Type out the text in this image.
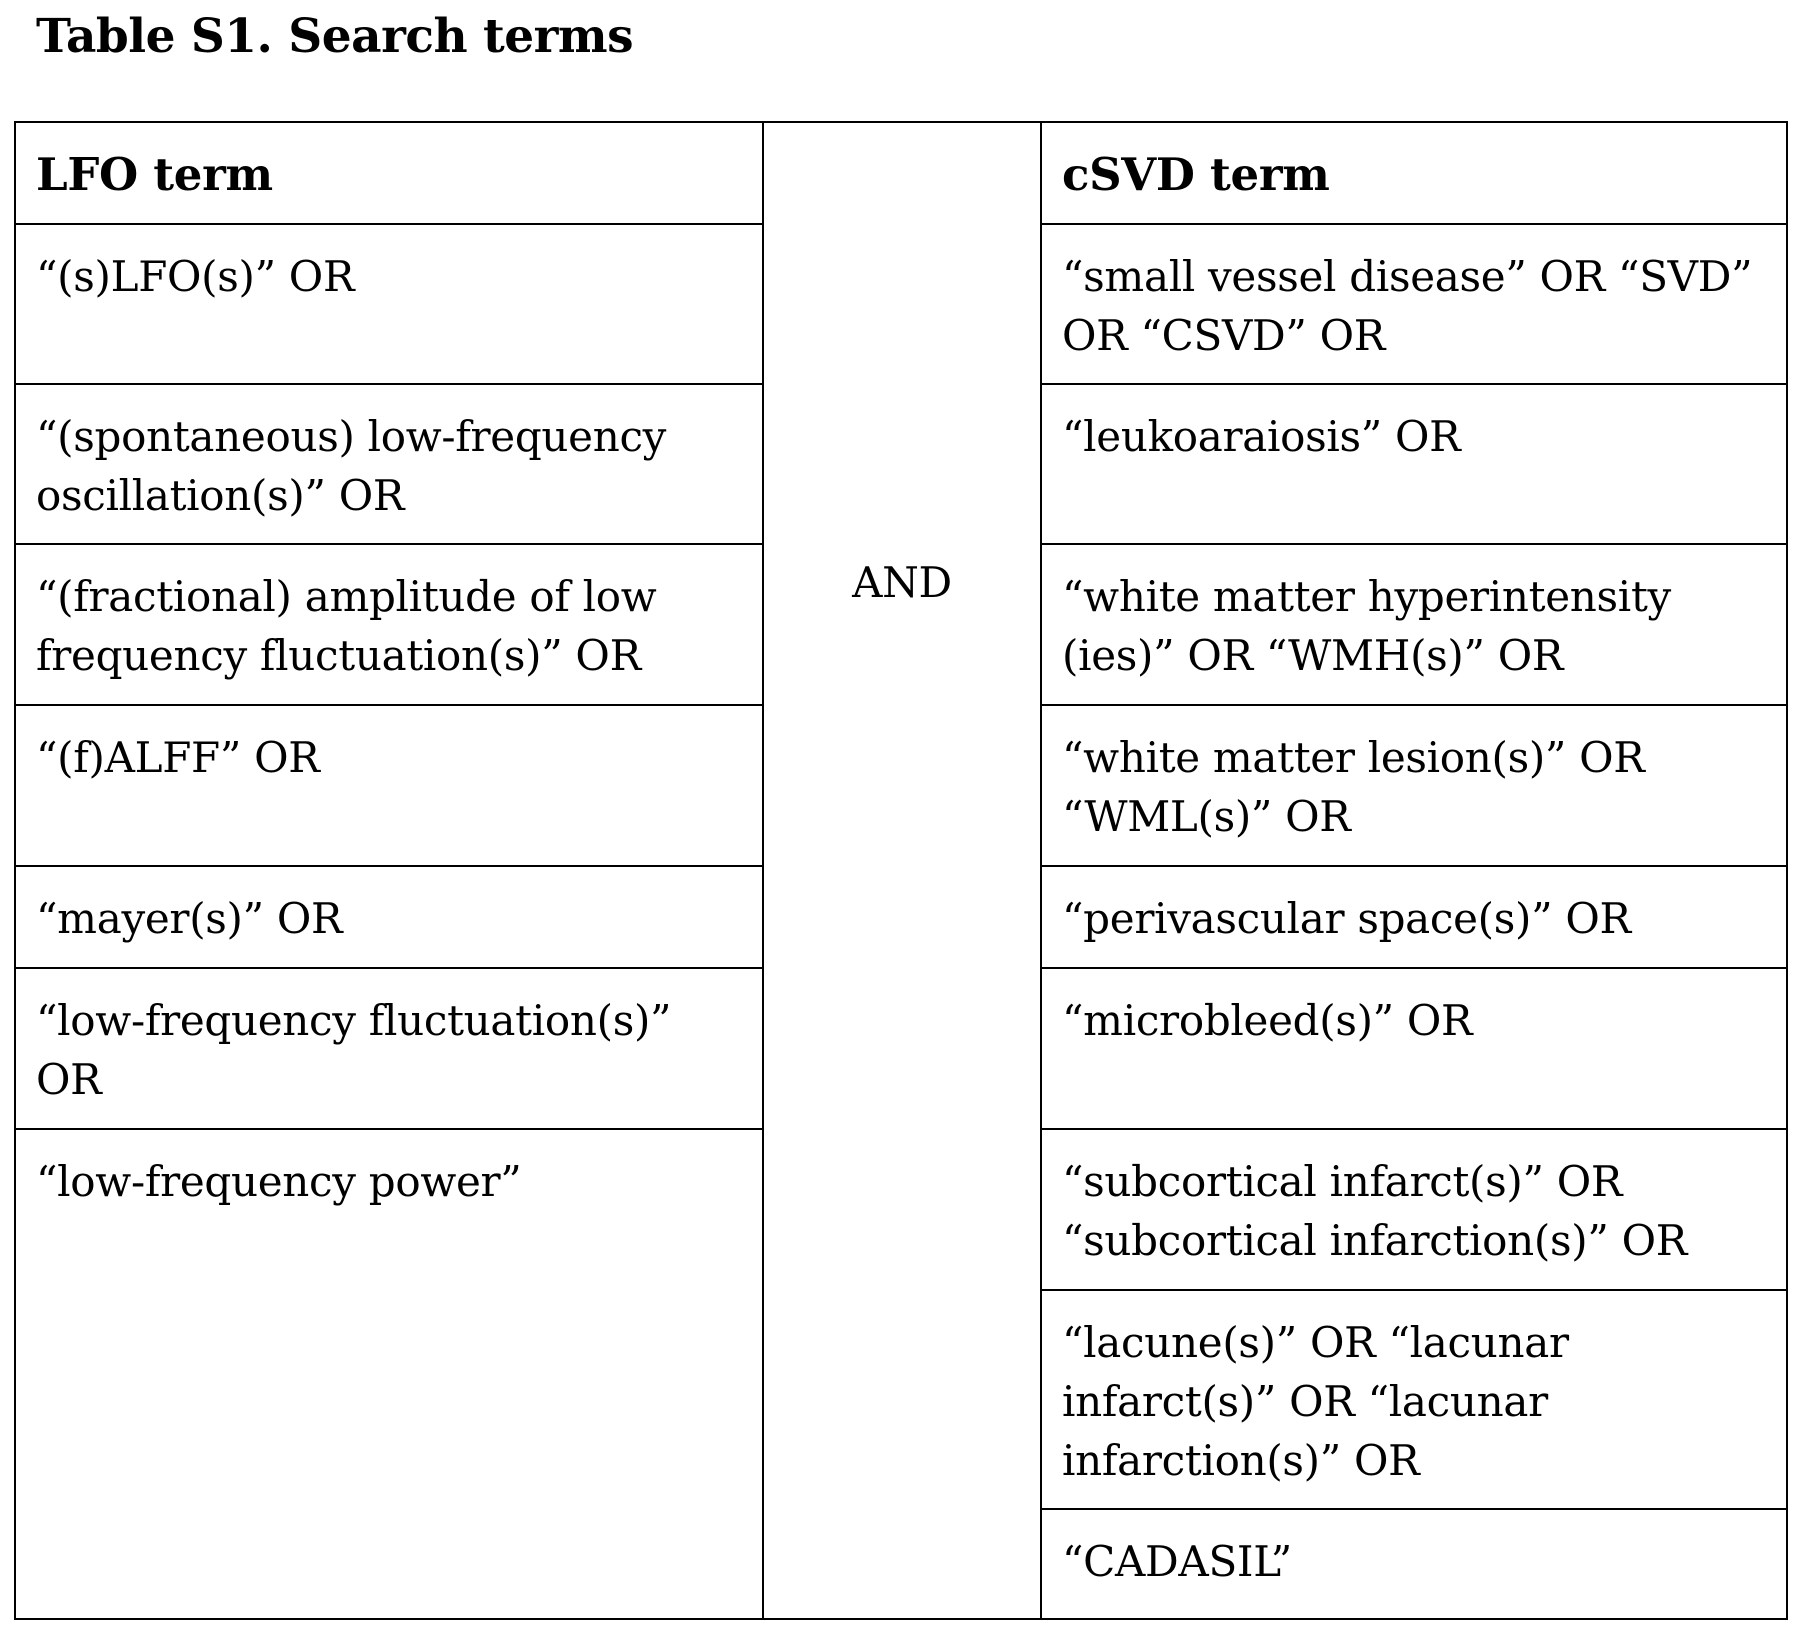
Table S1. Search terms
LFO term	AND	cSVD term
“(s)LFO(s)” OR		“small vessel disease” OR “SVD” OR “CSVD” OR
“(spontaneous) low-frequency oscillation(s)” OR		“leukoaraiosis” OR
“(fractional) amplitude of low frequency fluctuation(s)” OR		“white matter hyperintensity (ies)” OR “WMH(s)” OR
“(f)ALFF” OR		“white matter lesion(s)” OR “WML(s)” OR
“mayer(s)” OR		“perivascular space(s)” OR
“low-frequency fluctuation(s)” OR		“microbleed(s)” OR
“low-frequency power”		“subcortical infarct(s)” OR “subcortical infarction(s)” OR
		“lacune(s)” OR “lacunar infarct(s)” OR “lacunar infarction(s)” OR
		“CADASIL”
